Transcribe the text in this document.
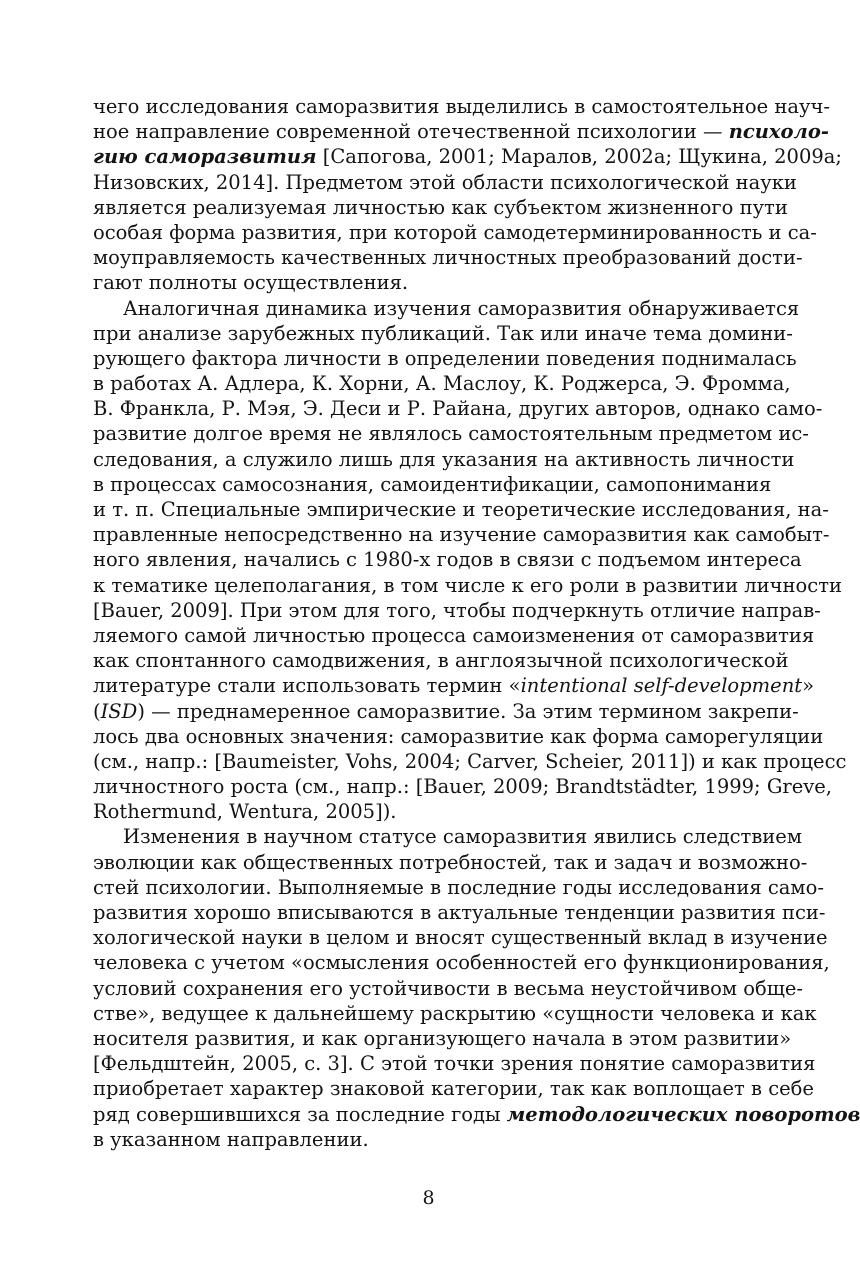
чего исследования саморазвития выделились в самостоятельное науч-
ное направление современной отечественной психологии — психоло-
гию саморазвития [Сапогова, 2001; Маралов, 2002а; Щукина, 2009а;
Низовских, 2014]. Предметом этой области психологической науки
является реализуемая личностью как субъектом жизненного пути
особая форма развития, при которой самодетерминированность и са-
моуправляемость качественных личностных преобразований дости-
гают полноты осуществления.
Аналогичная динамика изучения саморазвития обнаруживается
при анализе зарубежных публикаций. Так или иначе тема домини-
рующего фактора личности в определении поведения поднималась
в работах А. Адлера, К. Хорни, А. Маслоу, К. Роджерса, Э. Фромма,
В. Франкла, Р. Мэя, Э. Деси и Р. Райана, других авторов, однако само-
развитие долгое время не являлось самостоятельным предметом ис-
следования, а служило лишь для указания на активность личности
в процессах самосознания, самоидентификации, самопонимания
и т. п. Специальные эмпирические и теоретические исследования, на-
правленные непосредственно на изучение саморазвития как самобыт-
ного явления, начались с 1980-х годов в связи с подъемом интереса
к тематике целеполагания, в том числе к его роли в развитии личности
[Bauer, 2009]. При этом для того, чтобы подчеркнуть отличие направ-
ляемого самой личностью процесса самоизменения от саморазвития
как спонтанного самодвижения, в англоязычной психологической
литературе стали использовать термин «intentional self-development»
(ISD) — преднамеренное саморазвитие. За этим термином закрепи-
лось два основных значения: саморазвитие как форма саморегуляции
(см., напр.: [Baumeister, Vohs, 2004; Carver, Scheier, 2011]) и как процесс
личностного роста (см., напр.: [Bauer, 2009; Brandtstädter, 1999; Greve,
Rothermund, Wentura, 2005]).
Изменения в научном статусе саморазвития явились следствием
эволюции как общественных потребностей, так и задач и возможно-
стей психологии. Выполняемые в последние годы исследования само-
развития хорошо вписываются в актуальные тенденции развития пси-
хологической науки в целом и вносят существенный вклад в изучение
человека с учетом «осмысления особенностей его функционирования,
условий сохранения его устойчивости в весьма неустойчивом обще-
стве», ведущее к дальнейшему раскрытию «сущности человека и как
носителя развития, и как организующего начала в этом развитии»
[Фельдштейн, 2005, с. 3]. С этой точки зрения понятие саморазвития
приобретает характер знаковой категории, так как воплощает в себе
ряд совершившихся за последние годы методологических поворотов
в указанном направлении.
8
